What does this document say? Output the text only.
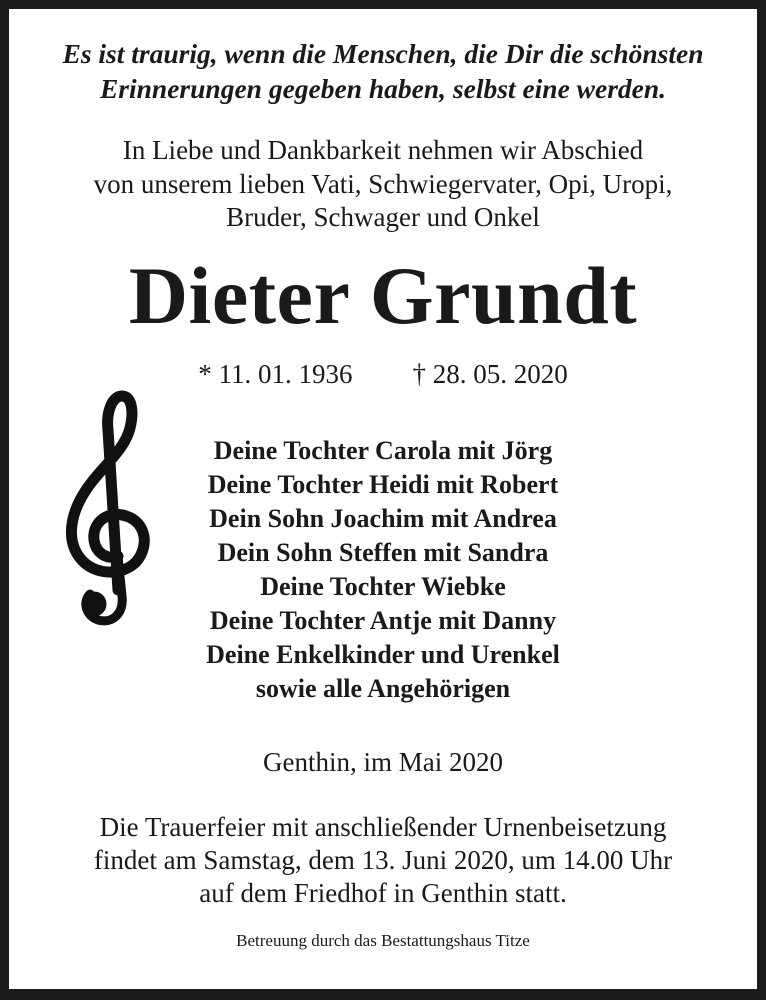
Es ist traurig, wenn die Menschen, die Dir die schönsten
Erinnerungen gegeben haben, selbst eine werden.
In Liebe und Dankbarkeit nehmen wir Abschied
von unserem lieben Vati, Schwiegervater, Opi, Uropi,
Bruder, Schwager und Onkel
Dieter Grundt
* 11. 01. 1936 † 28. 05. 2020
Deine Tochter Carola mit Jörg
Deine Tochter Heidi mit Robert
Dein Sohn Joachim mit Andrea
Dein Sohn Steffen mit Sandra
Deine Tochter Wiebke
Deine Tochter Antje mit Danny
Deine Enkelkinder und Urenkel
sowie alle Angehörigen
Genthin, im Mai 2020
Die Trauerfeier mit anschließender Urnenbeisetzung
findet am Samstag, dem 13. Juni 2020, um 14.00 Uhr
auf dem Friedhof in Genthin statt.
Betreuung durch das Bestattungshaus Titze
